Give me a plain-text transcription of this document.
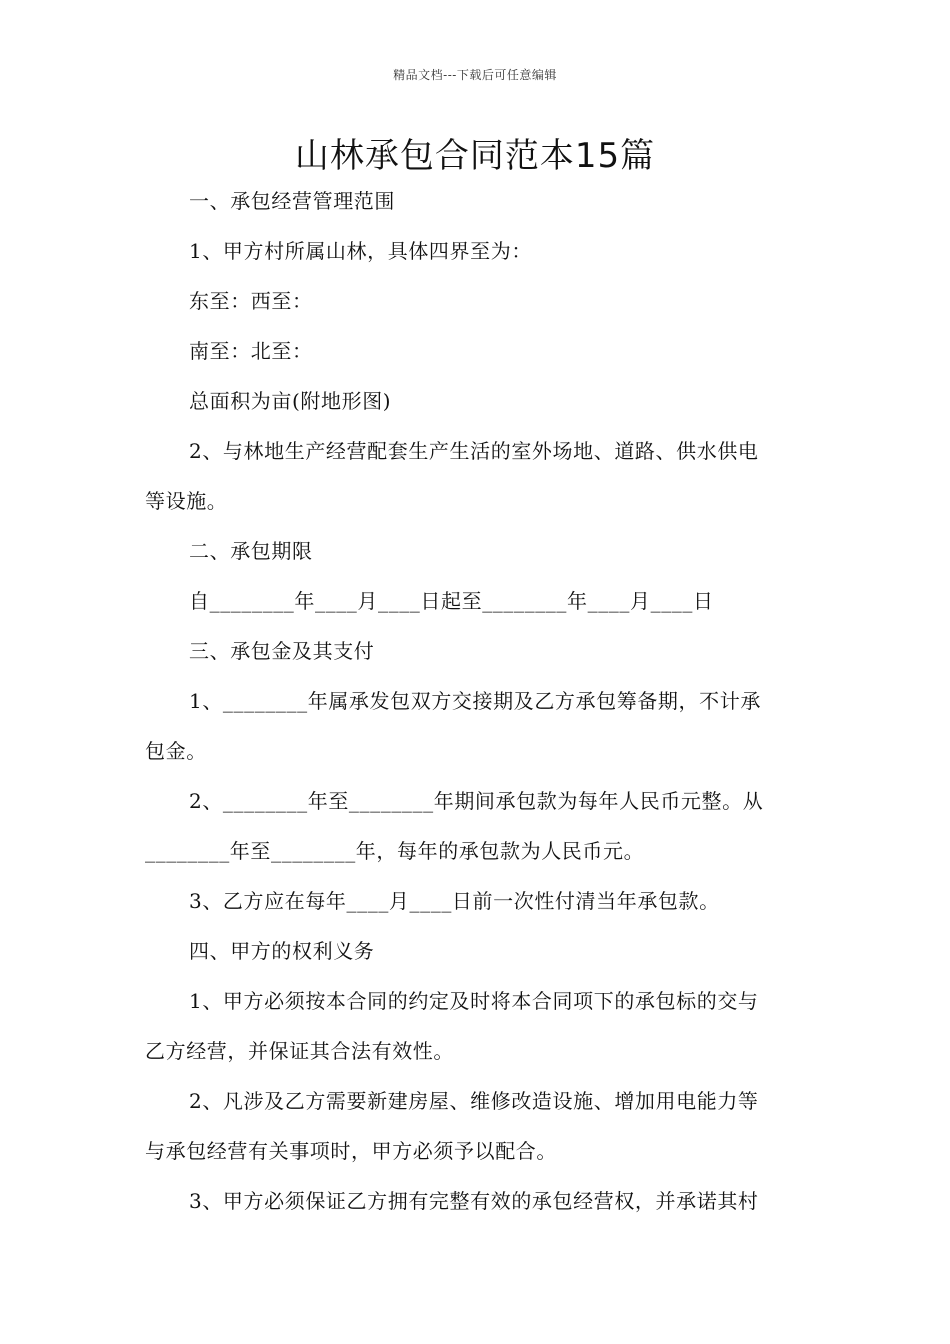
精品文档---下载后可任意编辑
山林承包合同范本15篇
一、承包经营管理范围
1、甲方村所属山林，具体四界至为：
东至：西至：
南至：北至：
总面积为亩(附地形图)
2、与林地生产经营配套生产生活的室外场地、道路、供水供电
等设施。
二、承包期限
自________年____月____日起至________年____月____日
三、承包金及其支付
1、________年属承发包双方交接期及乙方承包筹备期，不计承
包金。
2、________年至________年期间承包款为每年人民币元整。从
________年至________年，每年的承包款为人民币元。
3、乙方应在每年____月____日前一次性付清当年承包款。
四、甲方的权利义务
1、甲方必须按本合同的约定及时将本合同项下的承包标的交与
乙方经营，并保证其合法有效性。
2、凡涉及乙方需要新建房屋、维修改造设施、增加用电能力等
与承包经营有关事项时，甲方必须予以配合。
3、甲方必须保证乙方拥有完整有效的承包经营权，并承诺其村
